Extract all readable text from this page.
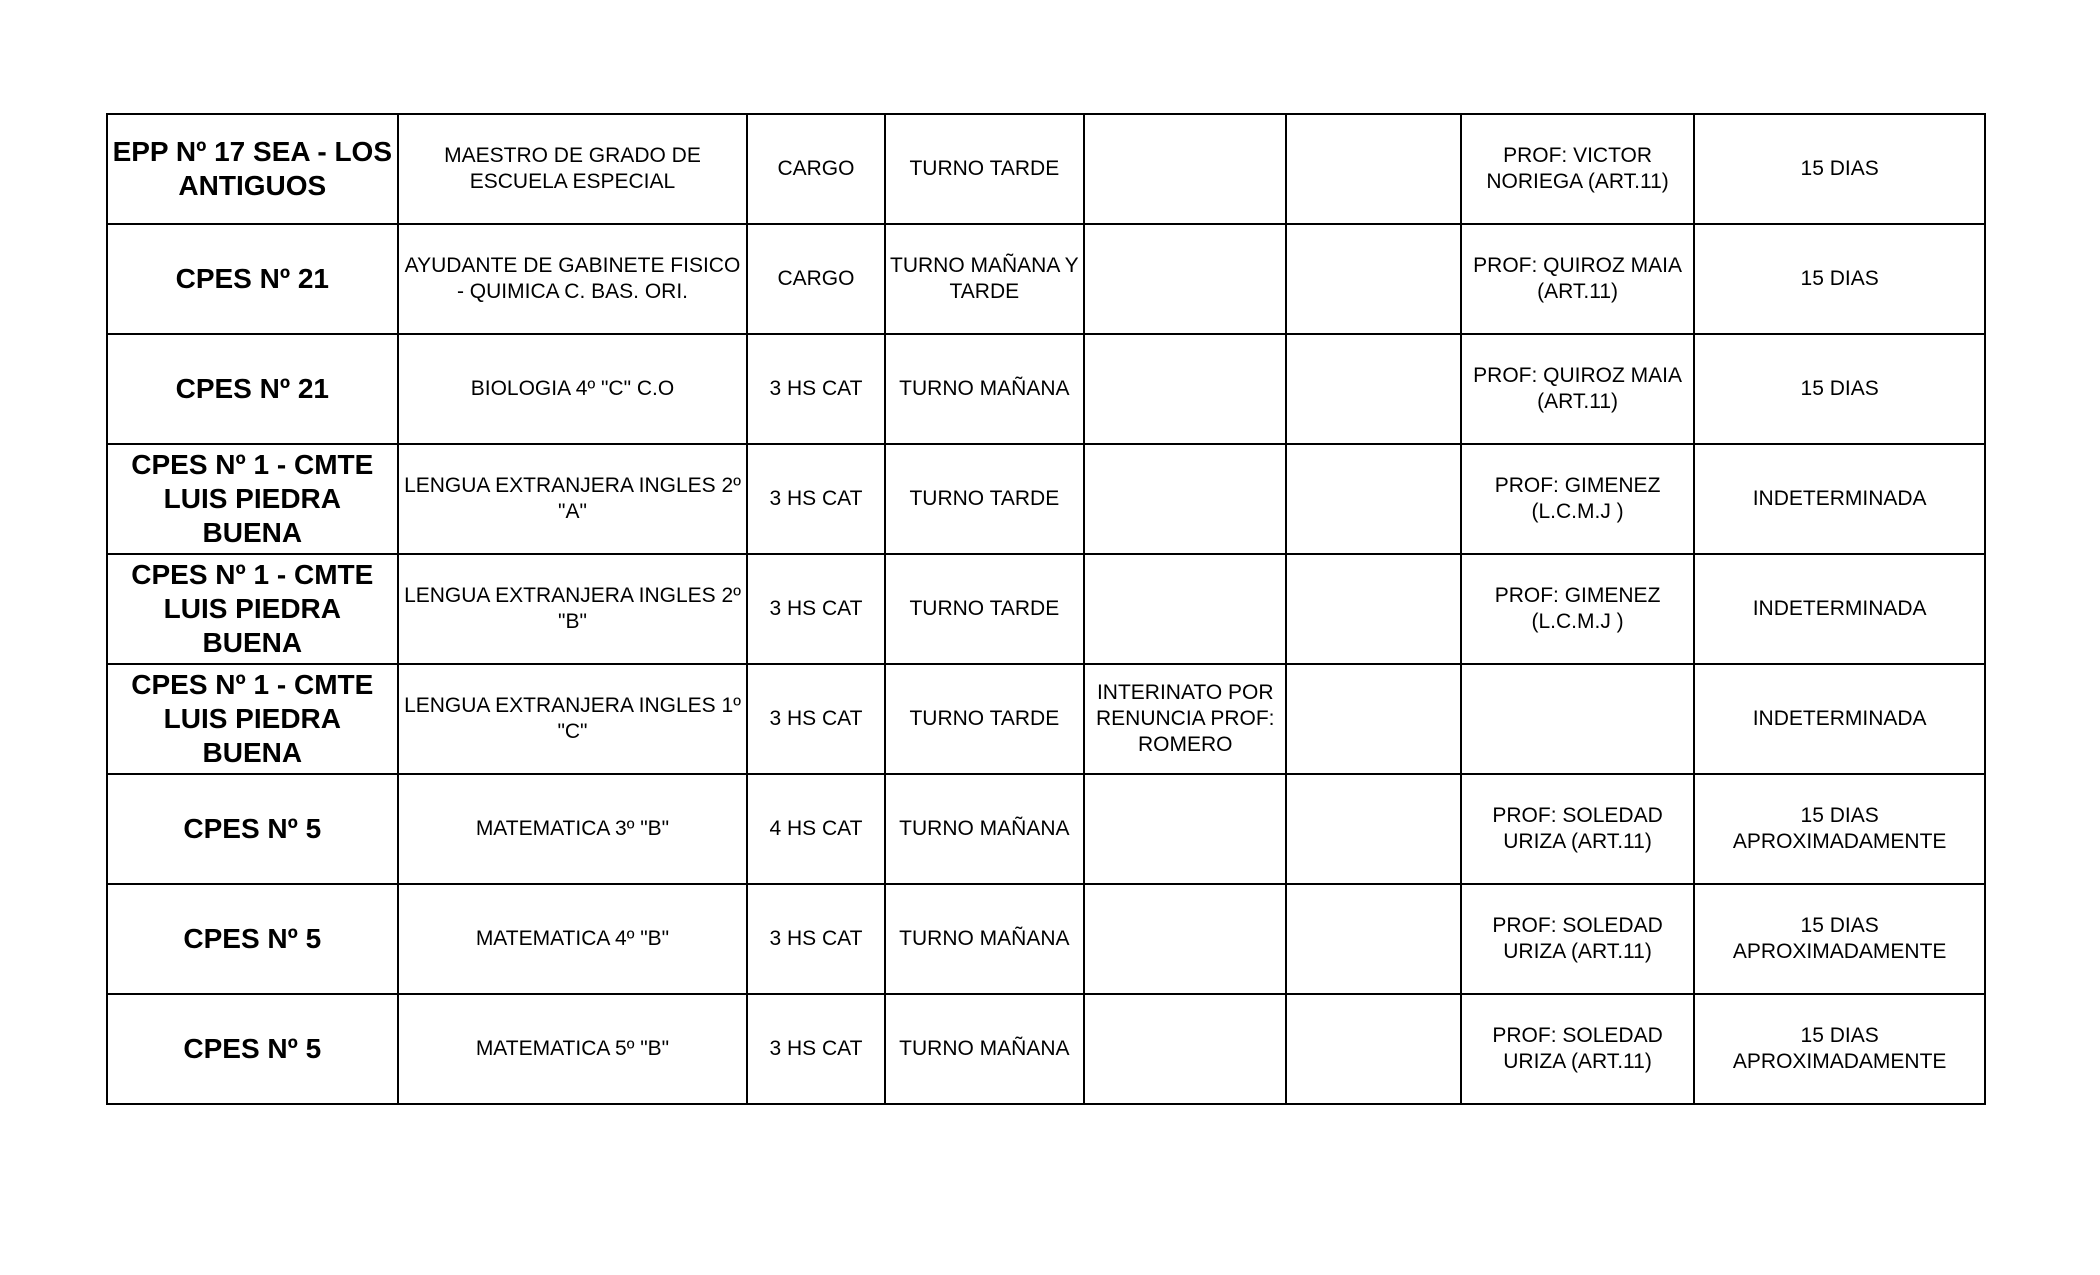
EPP Nº 17 SEA - LOS ANTIGUOS	MAESTRO DE GRADO DE ESCUELA ESPECIAL	CARGO	TURNO TARDE			PROF: VICTOR NORIEGA (ART.11)	15 DIAS
CPES Nº 21	AYUDANTE DE GABINETE FISICO - QUIMICA C. BAS. ORI.	CARGO	TURNO MAÑANA Y TARDE			PROF: QUIROZ MAIA (ART.11)	15 DIAS
CPES Nº 21	BIOLOGIA 4º "C" C.O	3 HS CAT	TURNO MAÑANA			PROF: QUIROZ MAIA (ART.11)	15 DIAS
CPES Nº 1 - CMTE LUIS PIEDRA BUENA	LENGUA EXTRANJERA INGLES 2º "A"	3 HS CAT	TURNO TARDE			PROF: GIMENEZ (L.C.M.J )	INDETERMINADA
CPES Nº 1 - CMTE LUIS PIEDRA BUENA	LENGUA EXTRANJERA INGLES 2º "B"	3 HS CAT	TURNO TARDE			PROF: GIMENEZ (L.C.M.J )	INDETERMINADA
CPES Nº 1 - CMTE LUIS PIEDRA BUENA	LENGUA EXTRANJERA INGLES 1º "C"	3 HS CAT	TURNO TARDE	INTERINATO POR RENUNCIA PROF: ROMERO			INDETERMINADA
CPES Nº 5	MATEMATICA 3º "B"	4 HS CAT	TURNO MAÑANA			PROF: SOLEDAD URIZA (ART.11)	15 DIAS APROXIMADAMENTE
CPES Nº 5	MATEMATICA 4º "B"	3 HS CAT	TURNO MAÑANA			PROF: SOLEDAD URIZA (ART.11)	15 DIAS APROXIMADAMENTE
CPES Nº 5	MATEMATICA 5º "B"	3 HS CAT	TURNO MAÑANA			PROF: SOLEDAD URIZA (ART.11)	15 DIAS APROXIMADAMENTE
